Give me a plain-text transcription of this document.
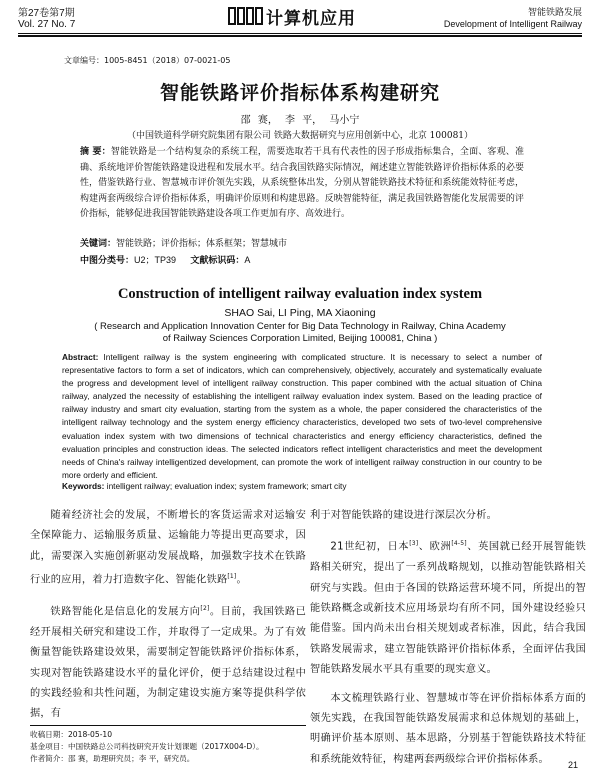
第27卷第7期
Vol. 27 No. 7	计算机应用	智能铁路发展
Development of Intelligent Railway
文章编号：1005-8451（2018）07-0021-05
智能铁路评价指标体系构建研究
邵 赛， 李 平， 马小宁
（中国铁道科学研究院集团有限公司 铁路大数据研究与应用创新中心，北京 100081）
摘 要：智能铁路是一个结构复杂的系统工程，需要选取若干具有代表性的因子形成指标集合，全面、客观、准确、系统地评价智能铁路建设进程和发展水平。结合我国铁路实际情况，阐述建立智能铁路评价指标体系的必要性，借鉴铁路行业、智慧城市评价领先实践，从系统整体出发，分别从智能铁路技术特征和系统能效特征考虑，构建两套两级综合评价指标体系，明确评价原则和构建思路。反映智能特征，满足我国铁路智能化发展需要的评价指标，能够促进我国智能铁路建设各项工作更加有序、高效进行。
关键词：智能铁路；评价指标；体系框架；智慧城市
中图分类号：U2；TP39 文献标识码：A
Construction of intelligent railway evaluation index system
SHAO Sai, LI Ping, MA Xiaoning
( Research and Application Innovation Center for Big Data Technology in Railway, China Academy of Railway Sciences Corporation Limited, Beijing 100081, China )
Abstract: Intelligent railway is the system engineering with complicated structure. It is necessary to select a number of representative factors to form a set of indicators, which can comprehensively, objectively, accurately and systematically evaluate the progress and development level of intelligent railway construction. This paper combined with the actual situation of China railway, analyzed the necessity of establishing the intelligent railway evaluation index system. Based on the leading practice of railway industry and smart city evaluation, starting from the system as a whole, the paper considered the characteristics of the intelligent railway technology and the system energy efficiency characteristics, developed two sets of two-level comprehensive evaluation index system with two dimensions of technical characteristics and energy efficiency characteristics, defined the evaluation principles and construction ideas. The selected indicators reflect intelligent characteristics and meet the development needs of China's railway intelligentized development, can promote the work of intelligent railway construction in our country to be more orderly and efficient.
Keywords: intelligent railway; evaluation index; system framework; smart city

随着经济社会的发展，不断增长的客货运需求对运输安全保障能力、运输服务质量、运输能力等提出更高要求，因此，需要深入实施创新驱动发展战略，加强数字技术在铁路行业的应用，着力打造数字化、智能化铁路[1]。

铁路智能化是信息化的发展方向[2]。目前，我国铁路已经开展相关研究和建设工作，并取得了一定成果。为了有效衡量智能铁路建设效果，需要制定智能铁路评价指标体系，实现对智能铁路建设水平的量化评价，便于总结建设过程中的实践经验和共性问题，为制定建设实施方案等提供科学依据，有

利于对智能铁路的建设进行深层次分析。

21世纪初，日本[3]、欧洲[4-5]、英国就已经开展智能铁路相关研究，提出了一系列战略规划，以推动智能铁路相关研究与实践。但由于各国的铁路运营环境不同，所提出的智能铁路概念或新技术应用场景均有所不同，国外建设经验只能借鉴。国内尚未出台相关规划或者标准，因此，结合我国铁路发展需求，建立智能铁路评价指标体系，全面评估我国智能铁路发展水平具有重要的现实意义。

本文梳理铁路行业、智慧城市等在评价指标体系方面的领先实践，在我国智能铁路发展需求和总体规划的基础上，明确评价基本原则、基本思路，分别基于智能铁路技术特征和系统能效特征，构建两套两级综合评价指标体系。

收稿日期：2018-05-10
基金项目：中国铁路总公司科技研究开发计划课题（2017X004-D）。
作者简介：邵 赛，助理研究员；李 平，研究员。
21
